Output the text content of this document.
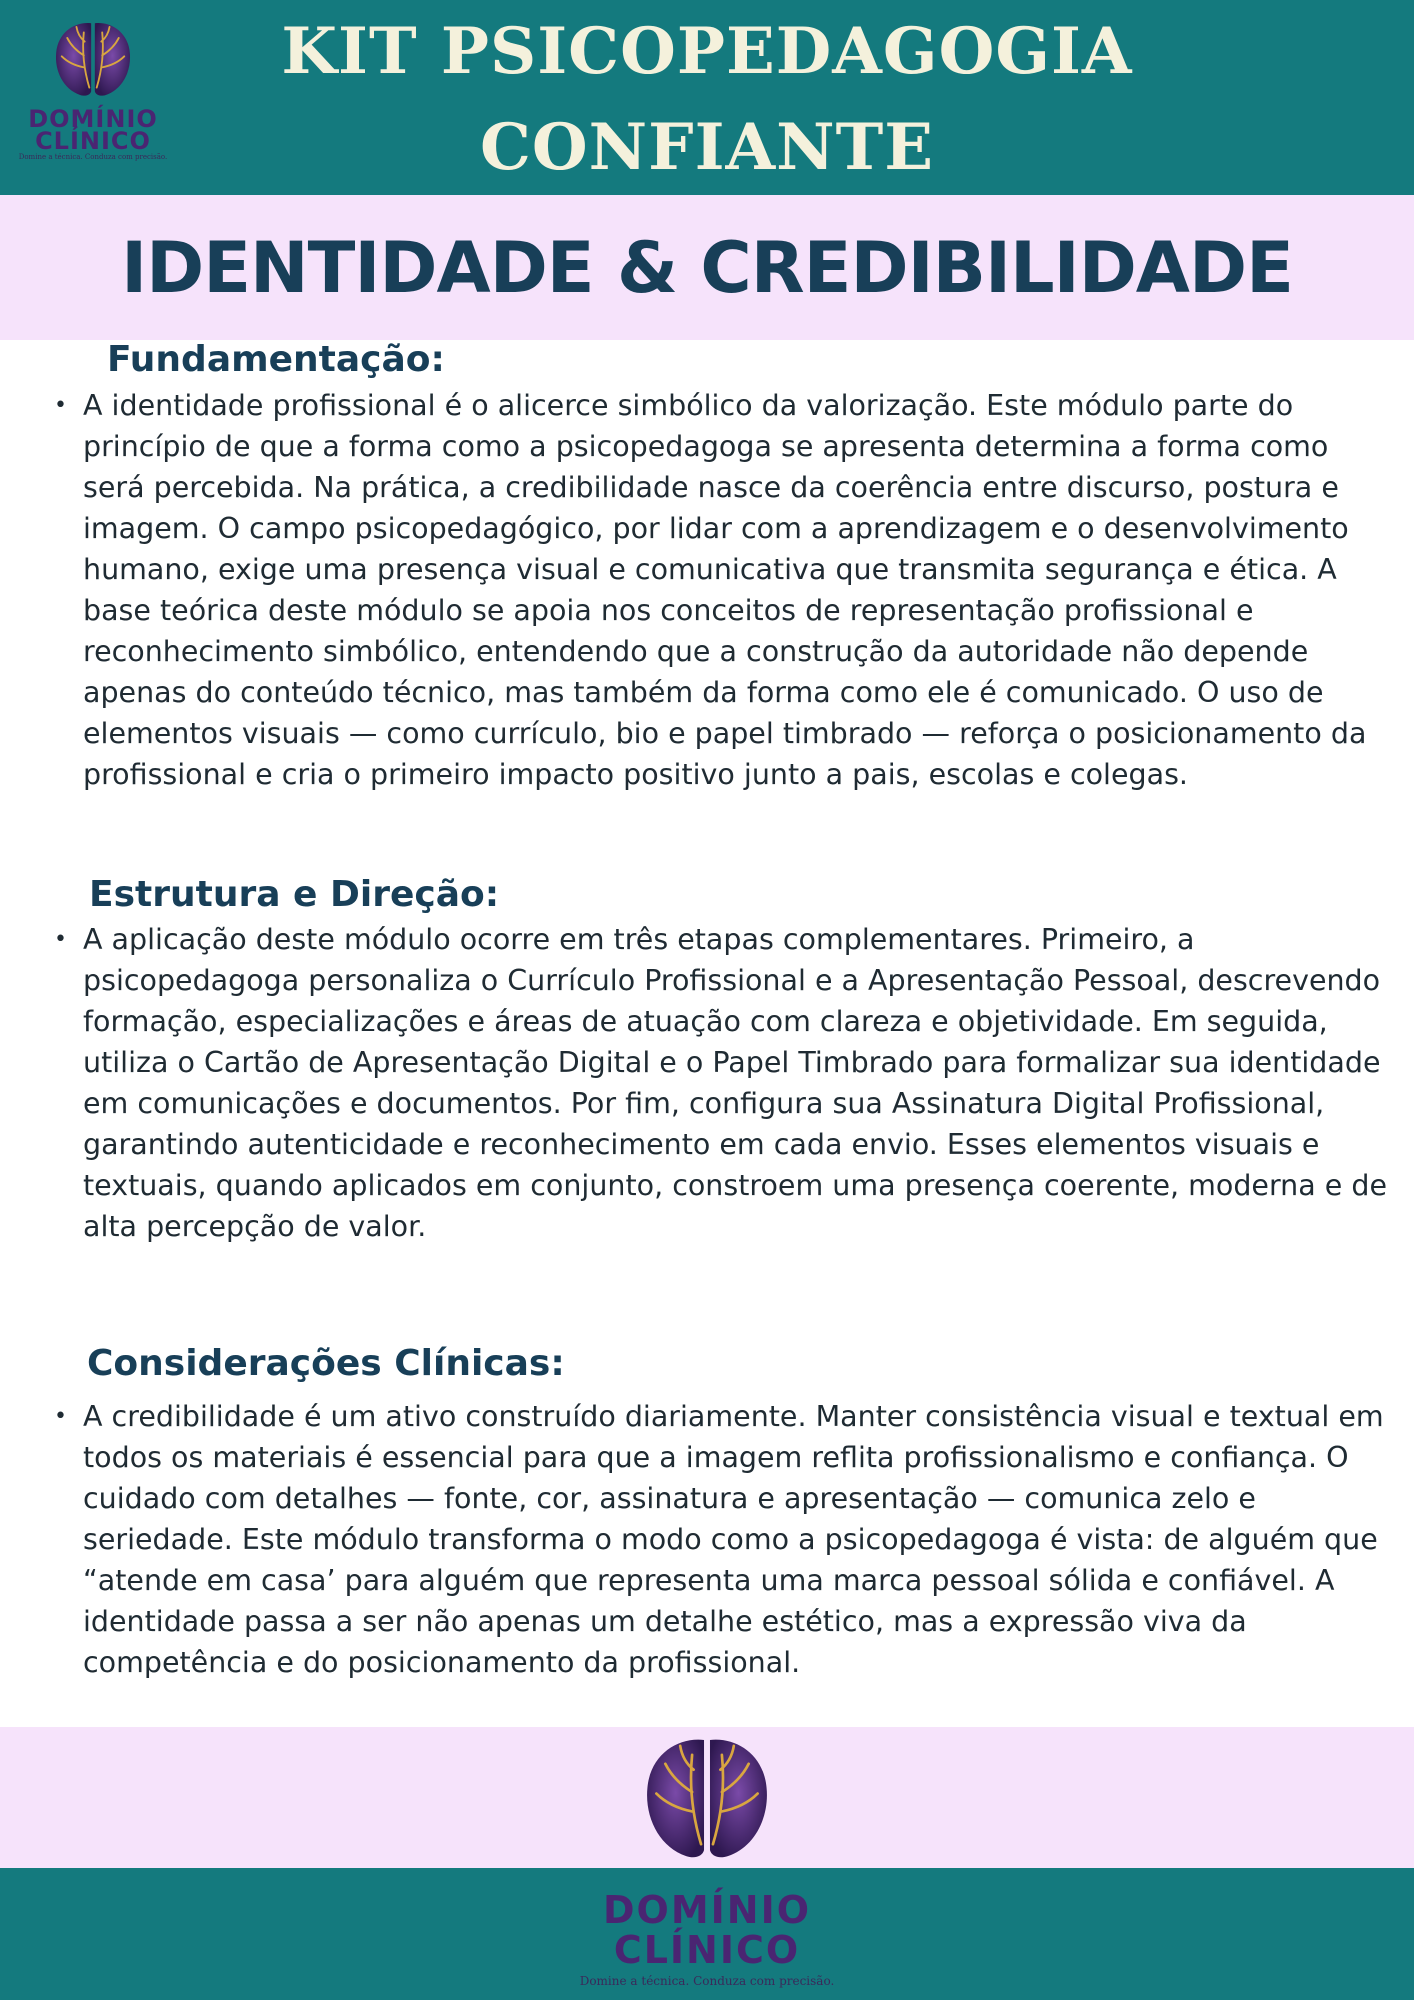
DOMÍNIO
CLÍNICO
Domine a técnica. Conduza com precisão.
KIT PSICOPEDAGOGIA
CONFIANTE
IDENTIDADE & CREDIBILIDADE
Fundamentação:
• A identidade profissional é o alicerce simbólico da valorização. Este módulo parte do princípio de que a forma como a psicopedagoga se apresenta determina a forma como será percebida. Na prática, a credibilidade nasce da coerência entre discurso, postura e imagem. O campo psicopedagógico, por lidar com a aprendizagem e o desenvolvimento humano, exige uma presença visual e comunicativa que transmita segurança e ética. A base teórica deste módulo se apoia nos conceitos de representação profissional e reconhecimento simbólico, entendendo que a construção da autoridade não depende apenas do conteúdo técnico, mas também da forma como ele é comunicado. O uso de elementos visuais — como currículo, bio e papel timbrado — reforça o posicionamento da profissional e cria o primeiro impacto positivo junto a pais, escolas e colegas.
Estrutura e Direção:
• A aplicação deste módulo ocorre em três etapas complementares. Primeiro, a psicopedagoga personaliza o Currículo Profissional e a Apresentação Pessoal, descrevendo formação, especializações e áreas de atuação com clareza e objetividade. Em seguida, utiliza o Cartão de Apresentação Digital e o Papel Timbrado para formalizar sua identidade em comunicações e documentos. Por fim, configura sua Assinatura Digital Profissional, garantindo autenticidade e reconhecimento em cada envio. Esses elementos visuais e textuais, quando aplicados em conjunto, constroem uma presença coerente, moderna e de alta percepção de valor.
Considerações Clínicas:
• A credibilidade é um ativo construído diariamente. Manter consistência visual e textual em todos os materiais é essencial para que a imagem reflita profissionalismo e confiança. O cuidado com detalhes — fonte, cor, assinatura e apresentação — comunica zelo e seriedade. Este módulo transforma o modo como a psicopedagoga é vista: de alguém que “atende em casa’ para alguém que representa uma marca pessoal sólida e confiável. A identidade passa a ser não apenas um detalhe estético, mas a expressão viva da competência e do posicionamento da profissional.
DOMÍNIO
CLÍNICO
Domine a técnica. Conduza com precisão.
